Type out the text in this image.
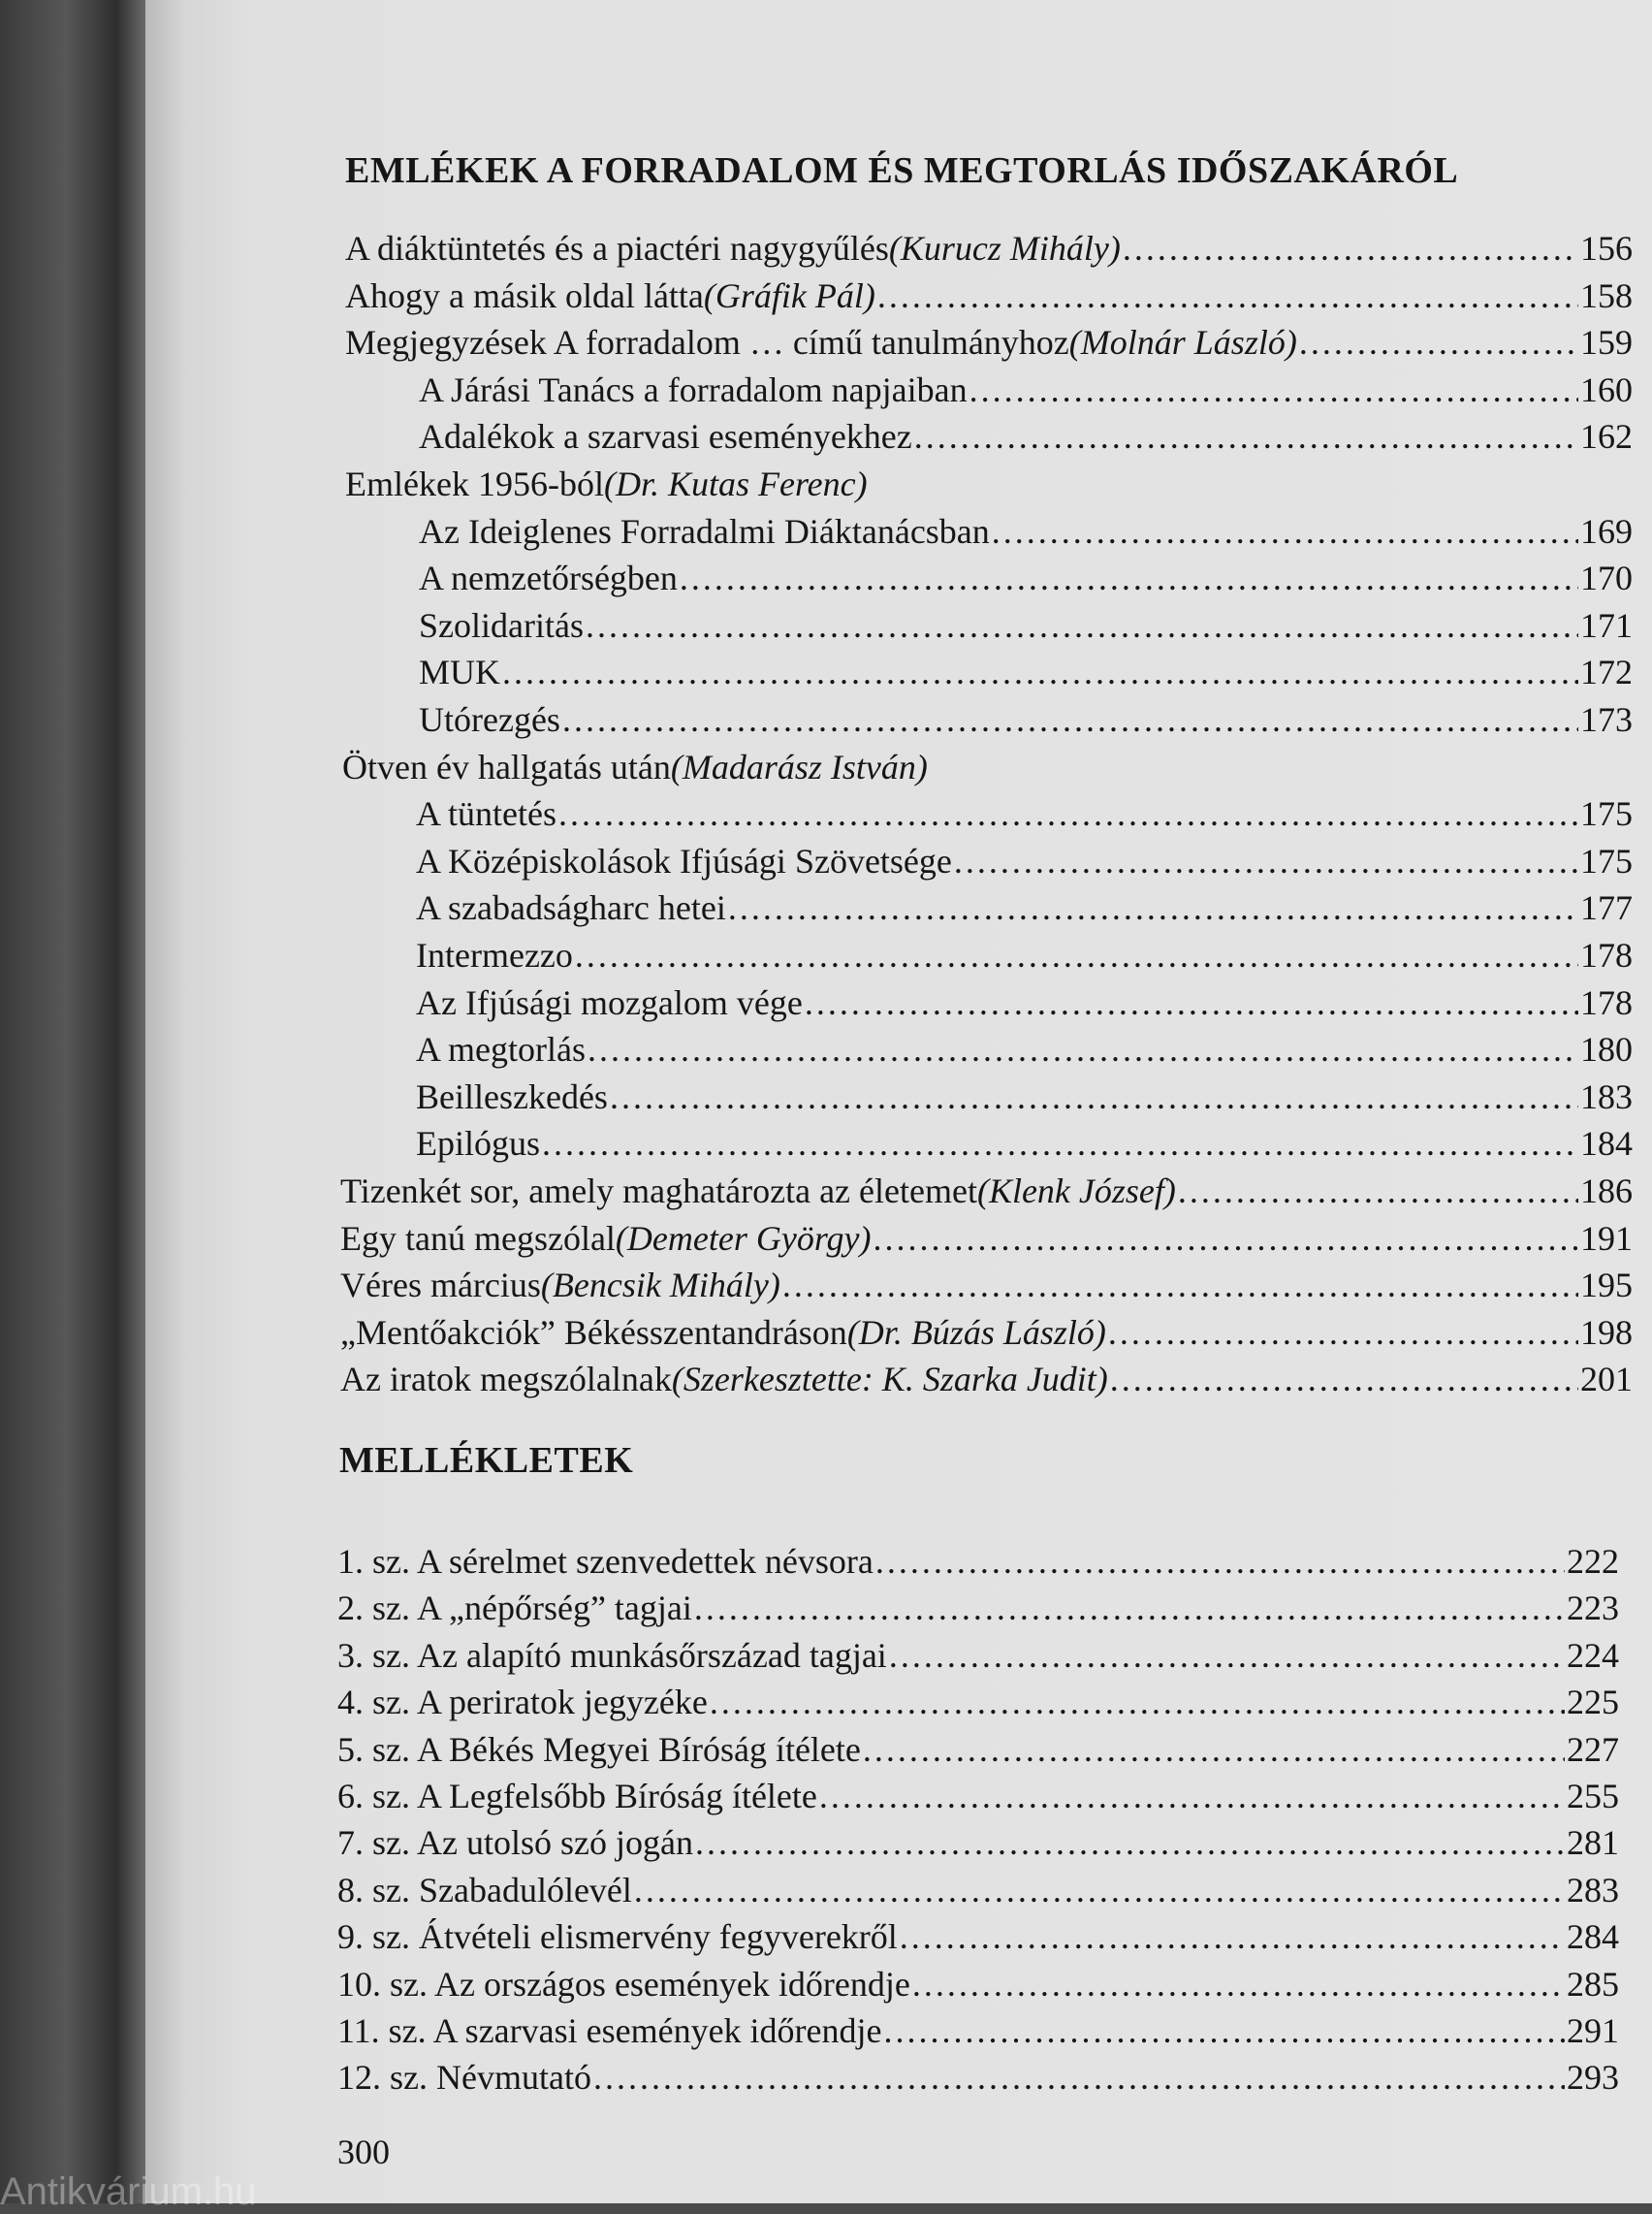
EMLÉKEK A FORRADALOM ÉS MEGTORLÁS IDŐSZAKÁRÓL
A diáktüntetés és a piactéri nagygyűlés (Kurucz Mihály) . . .	156
Ahogy a másik oldal látta (Gráfik Pál) . . .	158
Megjegyzések A forradalom … című tanulmányhoz (Molnár László) . . .	159
A Járási Tanács a forradalom napjaiban . . .	160
Adalékok a szarvasi eseményekhez . . .	162
Emlékek 1956-ból (Dr. Kutas Ferenc)
Az Ideiglenes Forradalmi Diáktanácsban . . .	169
A nemzetőrségben . . .	170
Szolidaritás . . .	171
MUK . . .	172
Utórezgés . . .	173
Ötven év hallgatás után (Madarász István)
A tüntetés . . .	175
A Középiskolások Ifjúsági Szövetsége . . .	175
A szabadságharc hetei . . .	177
Intermezzo . . .	178
Az Ifjúsági mozgalom vége . . .	178
A megtorlás . . .	180
Beilleszkedés . . .	183
Epilógus . . .	184
Tizenkét sor, amely maghatározta az életemet (Klenk József) . . .	186
Egy tanú megszólal (Demeter György) . . .	191
Véres március (Bencsik Mihály) . . .	195
„Mentőakciók” Békésszentandráson (Dr. Búzás László) . . .	198
Az iratok megszólalnak (Szerkesztette: K. Szarka Judit) . . .	201
MELLÉKLETEK
1. sz. A sérelmet szenvedettek névsora . . .	222
2. sz. A „népőrség” tagjai . . .	223
3. sz. Az alapító munkásőrszázad tagjai . . .	224
4. sz. A periratok jegyzéke . . .	225
5. sz. A Békés Megyei Bíróság ítélete . . .	227
6. sz. A Legfelsőbb Bíróság ítélete . . .	255
7. sz. Az utolsó szó jogán . . .	281
8. sz. Szabadulólevél . . .	283
9. sz. Átvételi elismervény fegyverekről . . .	284
10. sz. Az országos események időrendje . . .	285
11. sz. A szarvasi események időrendje . . .	291
12. sz. Névmutató . . .	293
300
Antikvárium.hu
